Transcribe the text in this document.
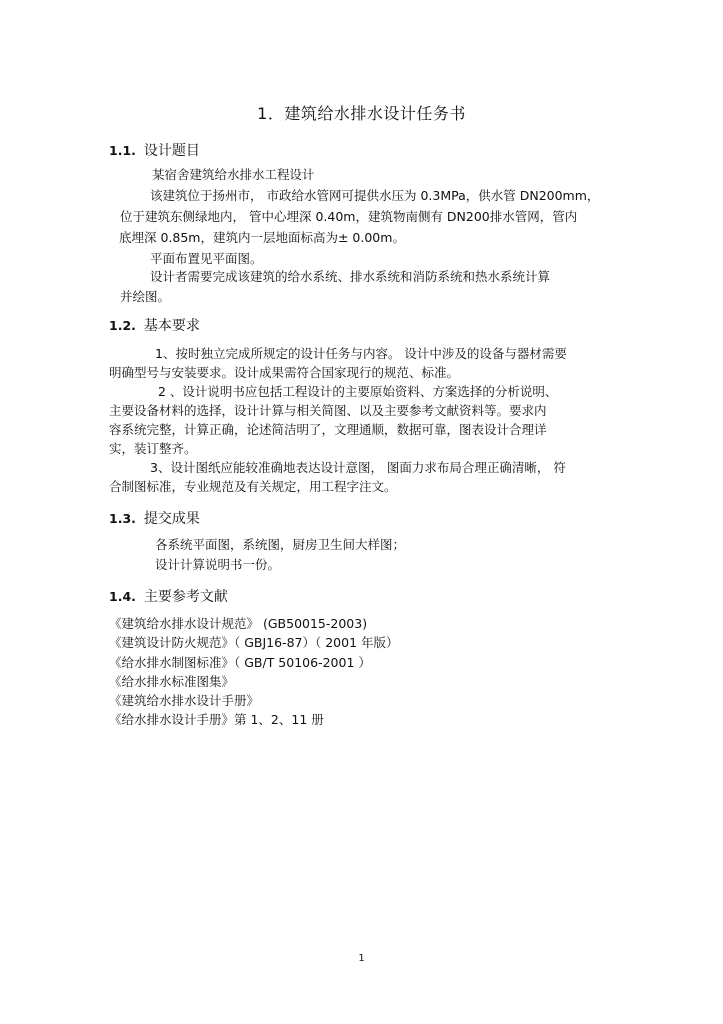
1．建筑给水排水设计任务书
1.1. 设计题目
某宿舍建筑给水排水工程设计
该建筑位于扬州市， 市政给水管网可提供水压为 0.3MPa，供水管 DN200mm，
位于建筑东侧绿地内， 管中心埋深 0.40m，建筑物南侧有 DN200排水管网，管内
底埋深 0.85m，建筑内一层地面标高为± 0.00m。
平面布置见平面图。
设计者需要完成该建筑的给水系统、排水系统和消防系统和热水系统计算
并绘图。
1.2. 基本要求
1、按时独立完成所规定的设计任务与内容。 设计中涉及的设备与器材需要
明确型号与安装要求。设计成果需符合国家现行的规范、标准。
2 、设计说明书应包括工程设计的主要原始资料、方案选择的分析说明、
主要设备材料的选择，设计计算与相关简图、以及主要参考文献资料等。要求内
容系统完整，计算正确，论述简洁明了，文理通顺，数据可靠，图表设计合理详
实，装订整齐。
3、设计图纸应能较准确地表达设计意图， 图面力求布局合理正确清晰， 符
合制图标准，专业规范及有关规定，用工程字注文。
1.3. 提交成果
各系统平面图，系统图，厨房卫生间大样图；
设计计算说明书一份。
1.4. 主要参考文献
《建筑给水排水设计规范》 (GB50015-2003)
《建筑设计防火规范》（ GBJ16-87）（ 2001 年版）
《给水排水制图标准》（ GB/T 50106-2001 ）
《给水排水标准图集》
《建筑给水排水设计手册》
《给水排水设计手册》第 1、2、11 册
1
